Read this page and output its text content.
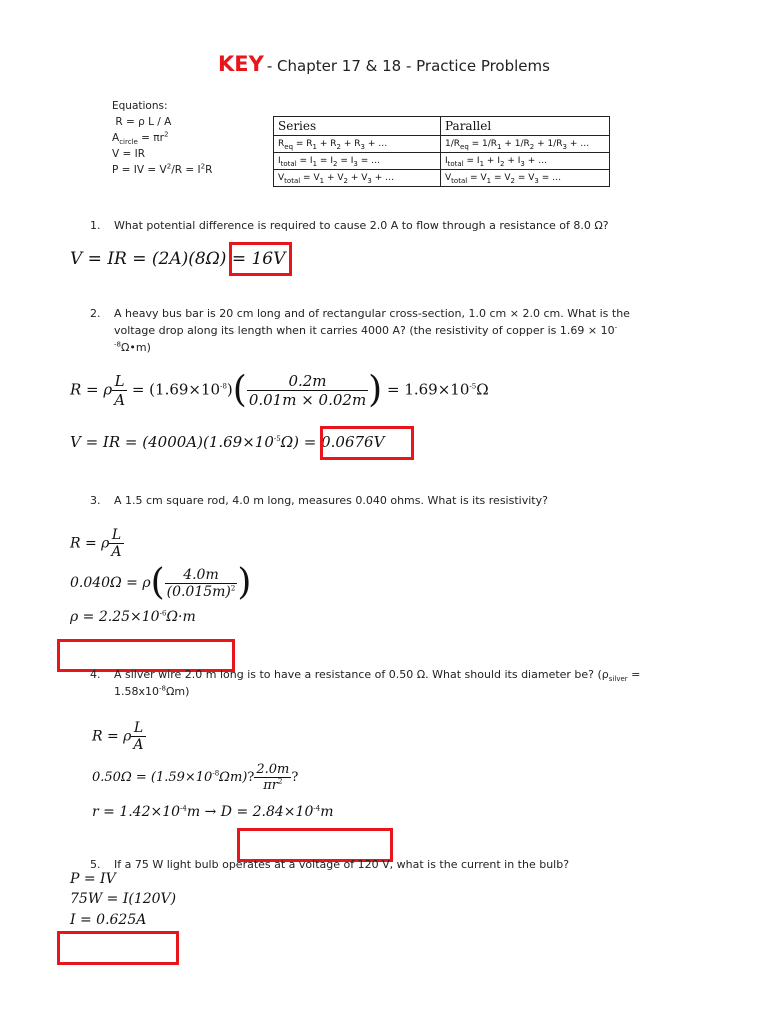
KEY - Chapter 17 & 18 - Practice Problems
Equations:
R = ρ L / A
$A_{circle} = \pi r^2$
V = IR
P = IV = $V^2/R = I^2R$
Series	Parallel
$R_{eq} = R_1 + R_2 + R_3$ + …	$1/R_{eq} = 1/R_1 + 1/R_2 + 1/R_3$ + …
$I_{total} = I_1 = I_2 = I_3$ = …	$I_{total} = I_1 + I_2 + I_3$ + …
$V_{total} = V_1 + V_2 + V_3$ + …	$V_{total} = V_1 = V_2 = V_3$ = …
1. What potential difference is required to cause 2.0 A to flow through a resistance of 8.0 Ω?
V = IR = (2A)(8Ω) = 16V
2. A heavy bus bar is 20 cm long and of rectangular cross-section, 1.0 cm × 2.0 cm. What is the
voltage drop along its length when it carries 4000 A? (the resistivity of copper is 1.69 × 10-
$^{-8}$Ω•m)
R = ρ $\frac{L}{A} = (1.69\times 10^{-8})( \frac{0.2m}{0.01m \times 0.02m}$ ) = $1.69\times 10^{-5}\Omega$
V = IR = $(4000A)(1.69\times 10^{-5}\Omega) = 0.0676V$
3. A 1.5 cm square rod, 4.0 m long, measures 0.040 ohms. What is its resistivity?
R = ρ $\frac{L}{A}$
$0.040\Omega = \rho( \frac{4.0m}{(0.015m)^2}$ )
$\rho = 2.25\times 10^{-6}\Omega\cdot m$
4. A silver wire 2.0 m long is to have a resistance of 0.50 Ω. What should its diameter be? ($\rho_{silver}$ =
$1.58x10^{-8}\Omega m$)
R = ρ $\frac{L}{A}$
$0.50\Omega = (1.59\times 10^{-8}\Omega m)$? $\frac{2.0m}{\pi r^2}$ ?
$r = 1.42\times 10^{-4}m \to D = 2.84\times 10^{-4}m$
5. If a 75 W light bulb operates at a voltage of 120 V, what is the current in the bulb?
P = IV
75W = I(120V)
I = 0.625A
